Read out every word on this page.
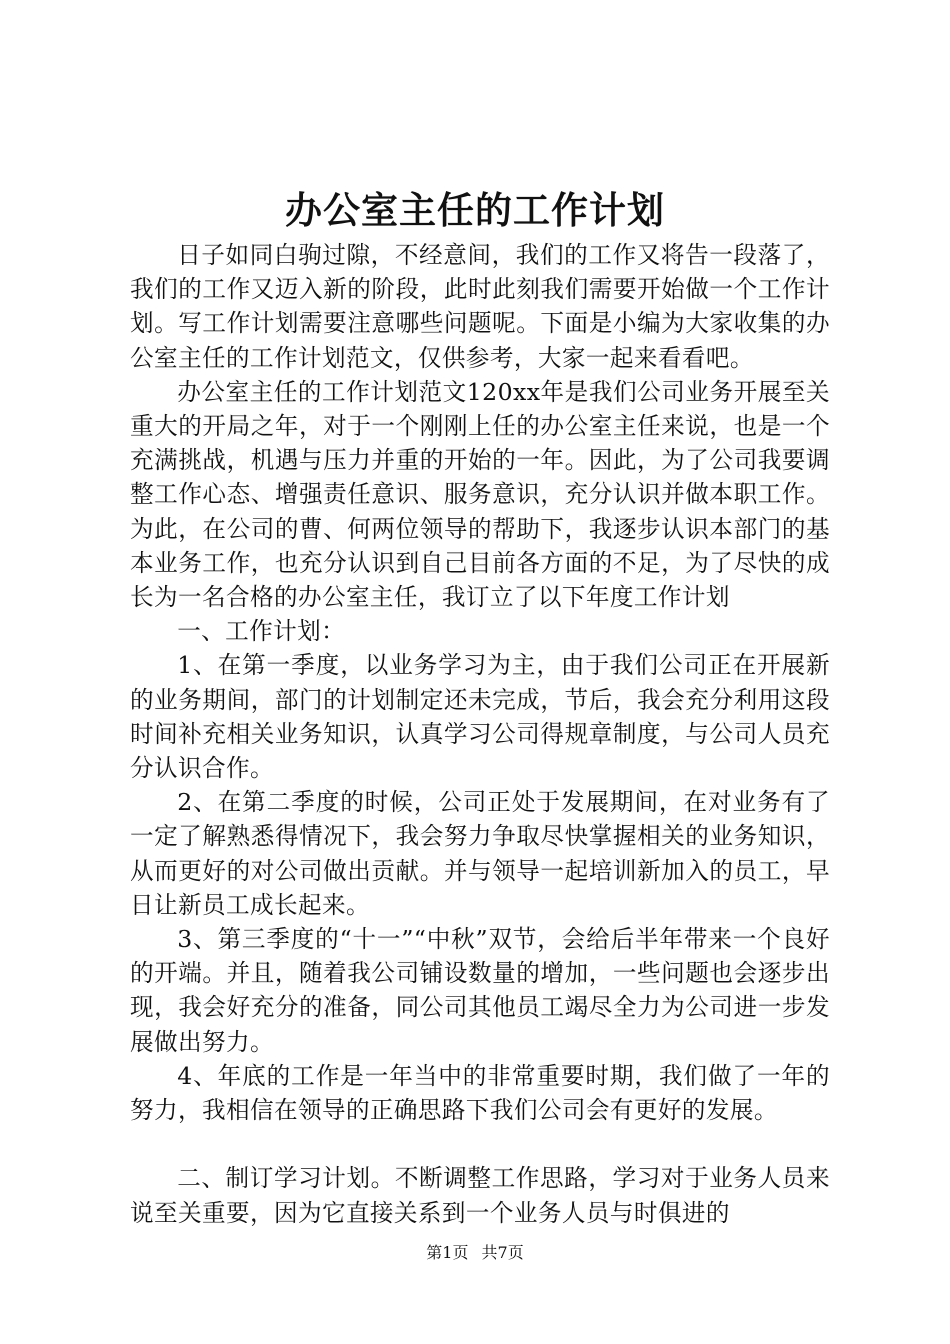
办公室主任的工作计划

日子如同白驹过隙，不经意间，我们的工作又将告一段落了，我们的工作又迈入新的阶段，此时此刻我们需要开始做一个工作计划。写工作计划需要注意哪些问题呢。下面是小编为大家收集的办公室主任的工作计划范文，仅供参考，大家一起来看看吧。

办公室主任的工作计划范文120xx年是我们公司业务开展至关重大的开局之年，对于一个刚刚上任的办公室主任来说，也是一个充满挑战，机遇与压力并重的开始的一年。因此，为了公司我要调整工作心态、增强责任意识、服务意识，充分认识并做本职工作。为此，在公司的曹、何两位领导的帮助下，我逐步认识本部门的基本业务工作，也充分认识到自己目前各方面的不足，为了尽快的成长为一名合格的办公室主任，我订立了以下年度工作计划

一、工作计划：

1、在第一季度，以业务学习为主，由于我们公司正在开展新的业务期间，部门的计划制定还未完成，节后，我会充分利用这段时间补充相关业务知识，认真学习公司得规章制度，与公司人员充分认识合作。

2、在第二季度的时候，公司正处于发展期间，在对业务有了一定了解熟悉得情况下，我会努力争取尽快掌握相关的业务知识，从而更好的对公司做出贡献。并与领导一起培训新加入的员工，早日让新员工成长起来。

3、第三季度的“十一”“中秋”双节，会给后半年带来一个良好的开端。并且，随着我公司铺设数量的增加，一些问题也会逐步出现，我会好充分的准备，同公司其他员工竭尽全力为公司进一步发展做出努力。

4、年底的工作是一年当中的非常重要时期，我们做了一年的努力，我相信在领导的正确思路下我们公司会有更好的发展。

二、制订学习计划。不断调整工作思路，学习对于业务人员来说至关重要，因为它直接关系到一个业务人员与时俱进的

第1页 共7页
